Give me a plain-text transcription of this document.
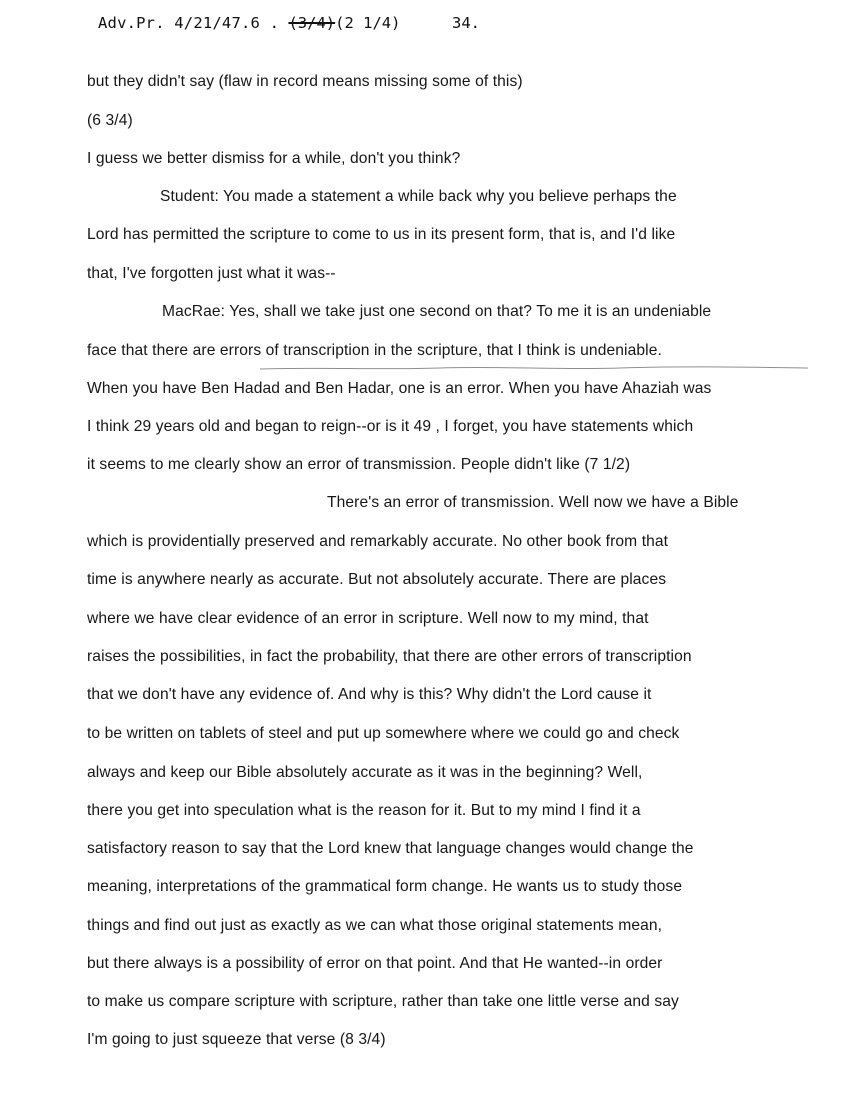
Adv.Pr. 4/21/47.6 . (3/4)(2 1/4)	34.
but they didn't say (flaw in record means missing some of this)
(6 3/4)
I guess we better dismiss for a while, don't you think?
Student: You made a statement a while back why you believe perhaps the
Lord has permitted the scripture to come to us in its present form, that is, and I'd like
that, I've forgotten just what it was--
MacRae: Yes, shall we take just one second on that? To me it is an undeniable
face that there are errors of transcription in the scripture, that I think is undeniable.
When you have Ben Hadad and Ben Hadar, one is an error. When you have Ahaziah was
I think 29 years old and began to reign--or is it 49 , I forget, you have statements which
it seems to me clearly show an error of transmission. People didn't like (7 1/2)
There's an error of transmission. Well now we have a Bible
which is providentially preserved and remarkably accurate. No other book from that
time is anywhere nearly as accurate. But not absolutely accurate. There are places
where we have clear evidence of an error in scripture. Well now to my mind, that
raises the possibilities, in fact the probability, that there are other errors of transcription
that we don't have any evidence of. And why is this? Why didn't the Lord cause it
to be written on tablets of steel and put up somewhere where we could go and check
always and keep our Bible absolutely accurate as it was in the beginning? Well,
there you get into speculation what is the reason for it. But to my mind I find it a
satisfactory reason to say that the Lord knew that language changes would change the
meaning, interpretations of the grammatical form change. He wants us to study those
things and find out just as exactly as we can what those original statements mean,
but there always is a possibility of error on that point. And that He wanted--in order
to make us compare scripture with scripture, rather than take one little verse and say
I'm going to just squeeze that verse (8 3/4)
